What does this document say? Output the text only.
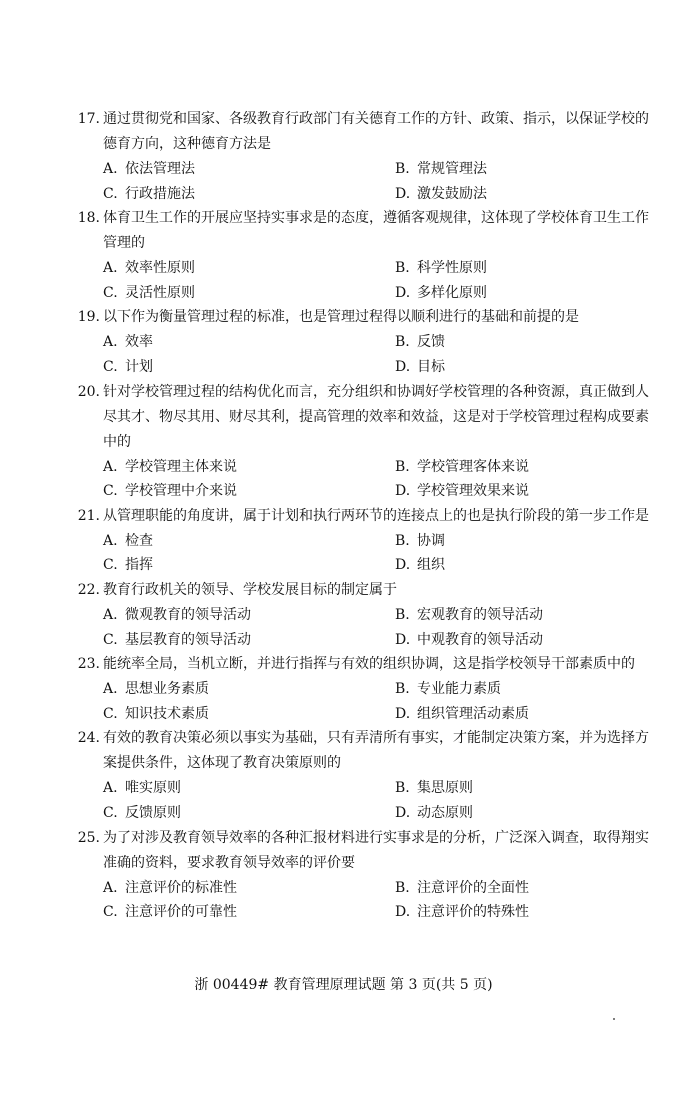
17. 通过贯彻党和国家、各级教育行政部门有关德育工作的方针、政策、指示，以保证学校的德育方向，这种德育方法是
A. 依法管理法	B. 常规管理法
C. 行政措施法	D. 激发鼓励法
18. 体育卫生工作的开展应坚持实事求是的态度，遵循客观规律，这体现了学校体育卫生工作管理的
A. 效率性原则	B. 科学性原则
C. 灵活性原则	D. 多样化原则
19. 以下作为衡量管理过程的标准，也是管理过程得以顺利进行的基础和前提的是
A. 效率	B. 反馈
C. 计划	D. 目标
20. 针对学校管理过程的结构优化而言，充分组织和协调好学校管理的各种资源，真正做到人尽其才、物尽其用、财尽其利，提高管理的效率和效益，这是对于学校管理过程构成要素中的
A. 学校管理主体来说	B. 学校管理客体来说
C. 学校管理中介来说	D. 学校管理效果来说
21. 从管理职能的角度讲，属于计划和执行两环节的连接点上的也是执行阶段的第一步工作是
A. 检查	B. 协调
C. 指挥	D. 组织
22. 教育行政机关的领导、学校发展目标的制定属于
A. 微观教育的领导活动	B. 宏观教育的领导活动
C. 基层教育的领导活动	D. 中观教育的领导活动
23. 能统率全局，当机立断，并进行指挥与有效的组织协调，这是指学校领导干部素质中的
A. 思想业务素质	B. 专业能力素质
C. 知识技术素质	D. 组织管理活动素质
24. 有效的教育决策必须以事实为基础，只有弄清所有事实，才能制定决策方案，并为选择方案提供条件，这体现了教育决策原则的
A. 唯实原则	B. 集思原则
C. 反馈原则	D. 动态原则
25. 为了对涉及教育领导效率的各种汇报材料进行实事求是的分析，广泛深入调查，取得翔实准确的资料，要求教育领导效率的评价要
A. 注意评价的标准性	B. 注意评价的全面性
C. 注意评价的可靠性	D. 注意评价的特殊性
浙 00449# 教育管理原理试题 第 3 页(共 5 页)
